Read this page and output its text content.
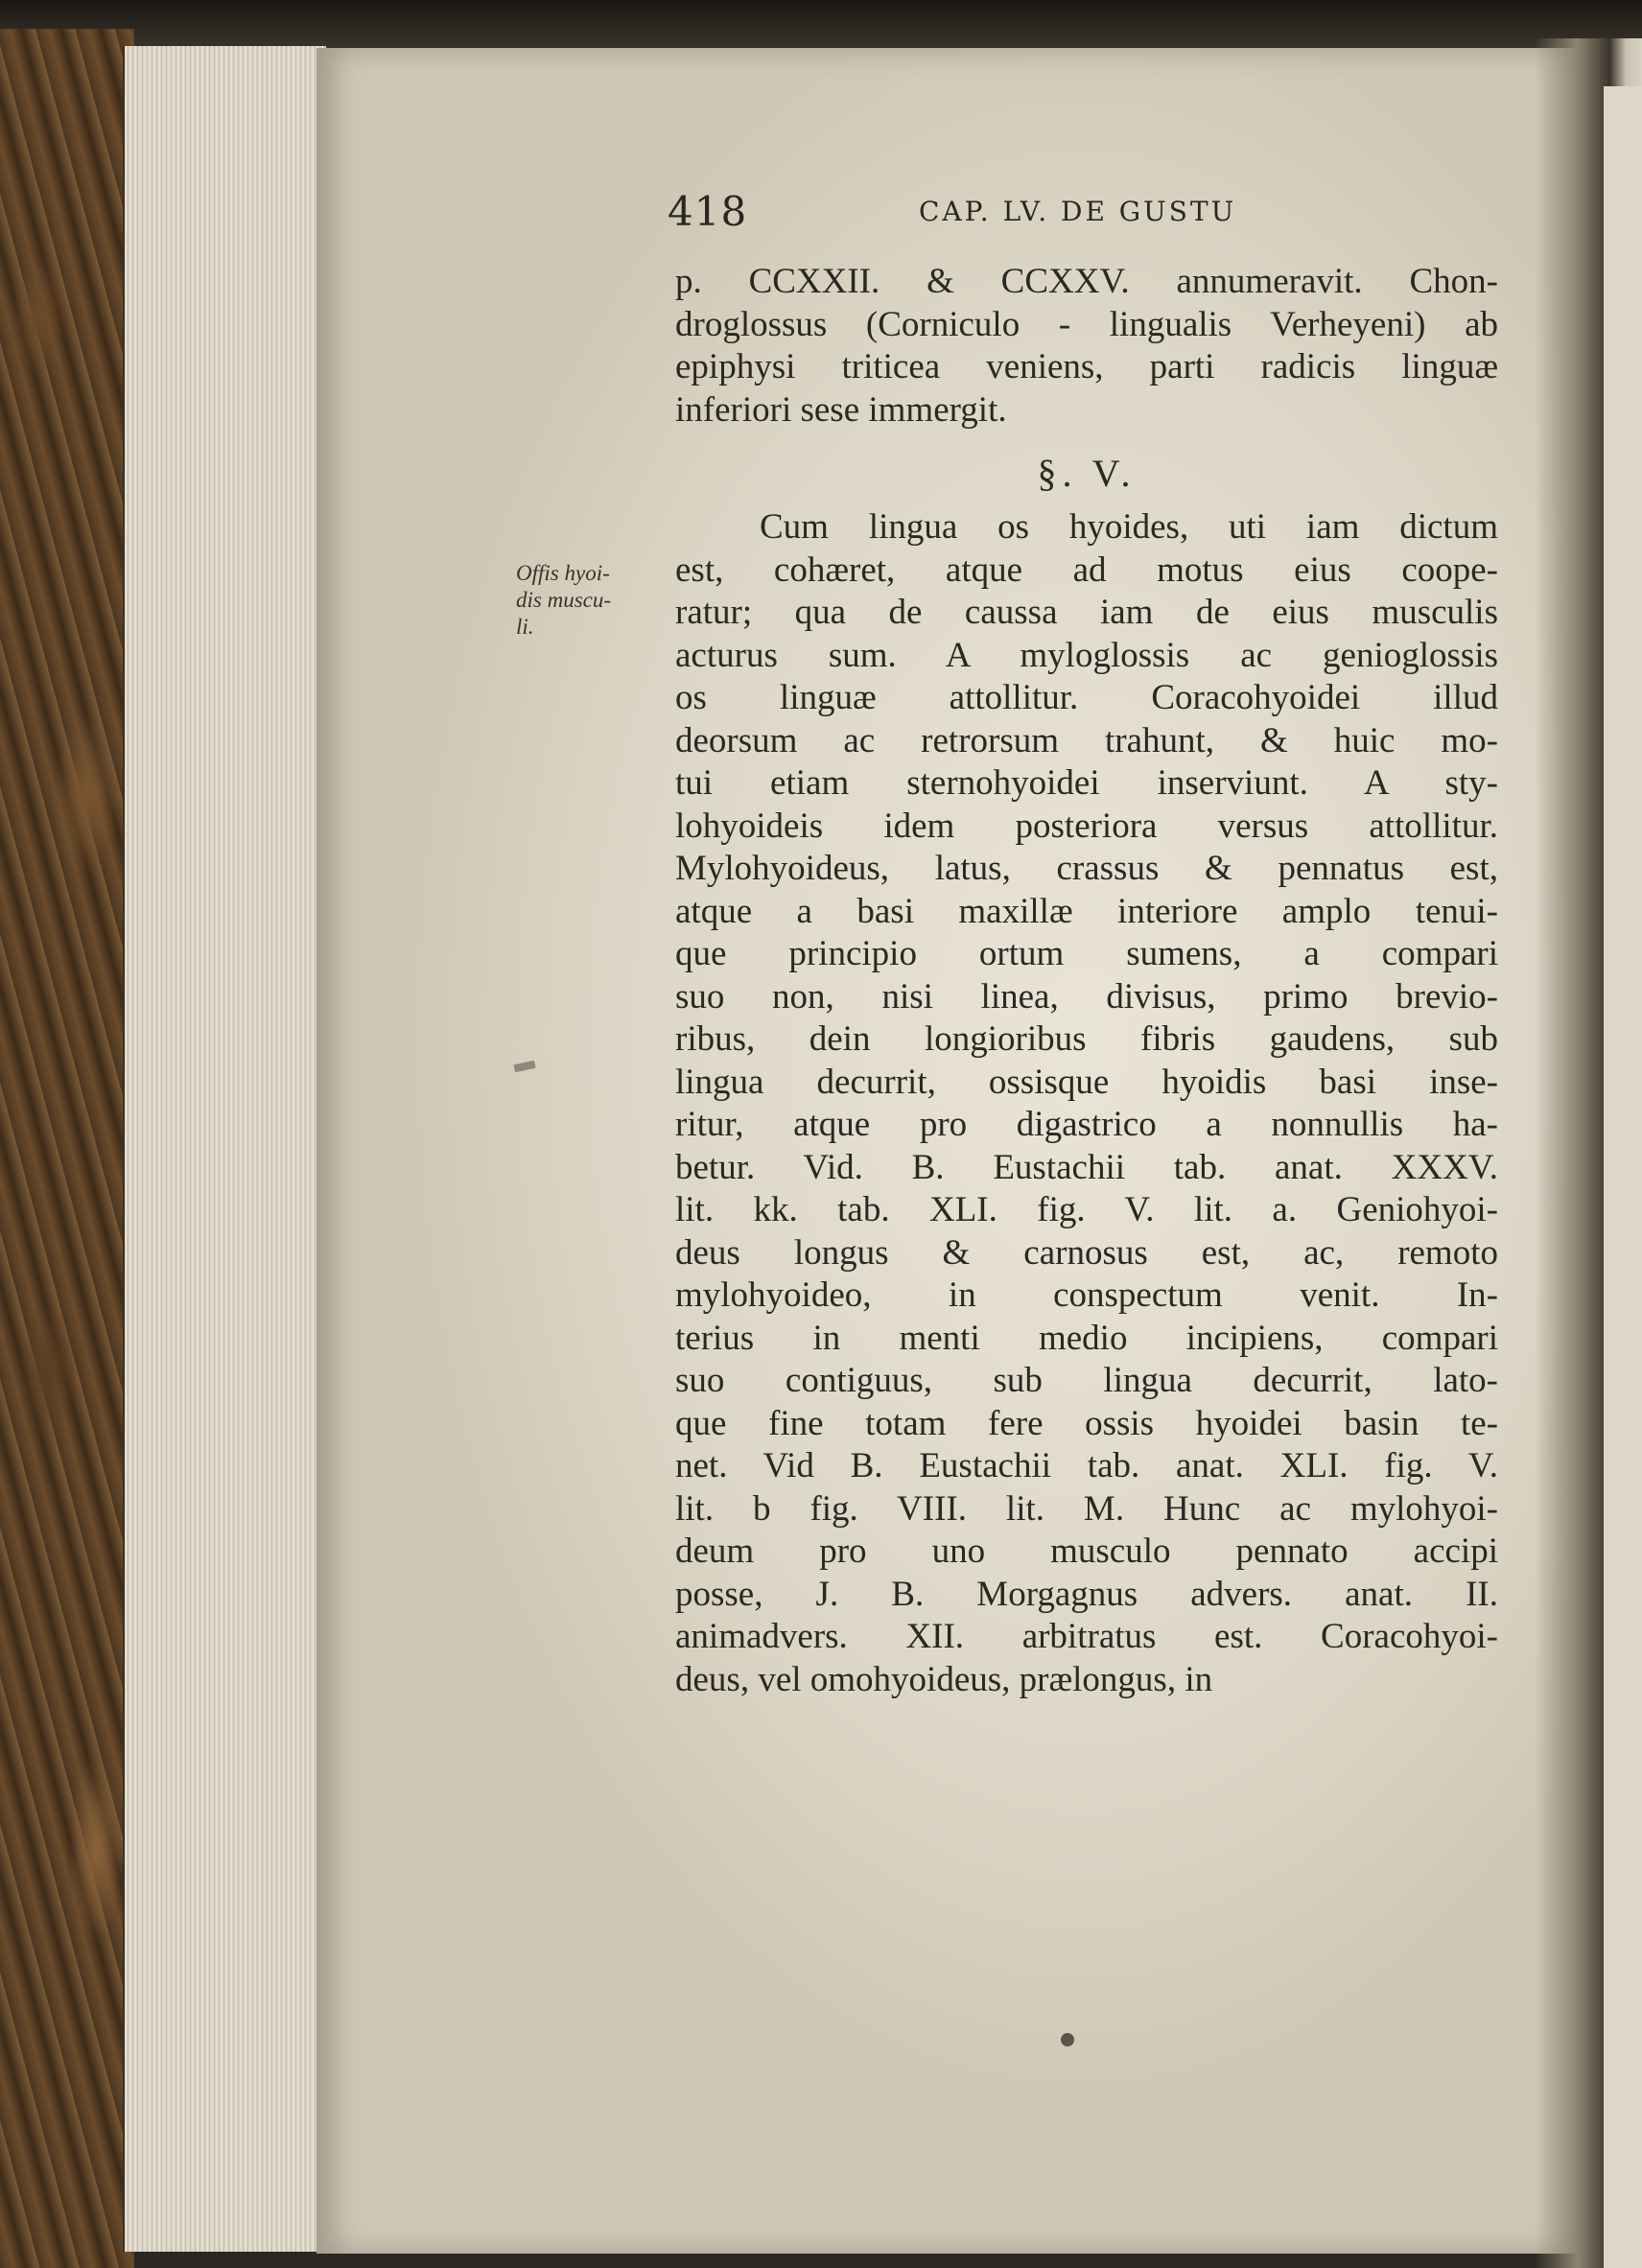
418	CAP. LV. DE GUSTU
Offis hyoi-
dis muscu-
li.
p. CCXXII. & CCXXV. annumeravit. Chon-
droglossus (Corniculo - lingualis Verheyeni) ab
epiphysi triticea veniens, parti radicis linguæ
inferiori sese immergit.
§. V.
Cum lingua os hyoides, uti iam dictum
est, cohæret, atque ad motus eius coope-
ratur; qua de caussa iam de eius musculis
acturus sum. A myloglossis ac genioglossis
os linguæ attollitur. Coracohyoidei illud
deorsum ac retrorsum trahunt, & huic mo-
tui etiam sternohyoidei inserviunt. A sty-
lohyoideis idem posteriora versus attollitur.
Mylohyoideus, latus, crassus & pennatus est,
atque a basi maxillæ interiore amplo tenui-
que principio ortum sumens, a compari
suo non, nisi linea, divisus, primo brevio-
ribus, dein longioribus fibris gaudens, sub
lingua decurrit, ossisque hyoidis basi inse-
ritur, atque pro digastrico a nonnullis ha-
betur. Vid. B. Eustachii tab. anat. XXXV.
lit. kk. tab. XLI. fig. V. lit. a. Geniohyoi-
deus longus & carnosus est, ac, remoto
mylohyoideo, in conspectum venit. In-
terius in menti medio incipiens, compari
suo contiguus, sub lingua decurrit, lato-
que fine totam fere ossis hyoidei basin te-
net. Vid B. Eustachii tab. anat. XLI. fig. V.
lit. b fig. VIII. lit. M. Hunc ac mylohyoi-
deum pro uno musculo pennato accipi
posse, J. B. Morgagnus advers. anat. II.
animadvers. XII. arbitratus est. Coracohyoi-
deus, vel omohyoideus, prælongus, in
